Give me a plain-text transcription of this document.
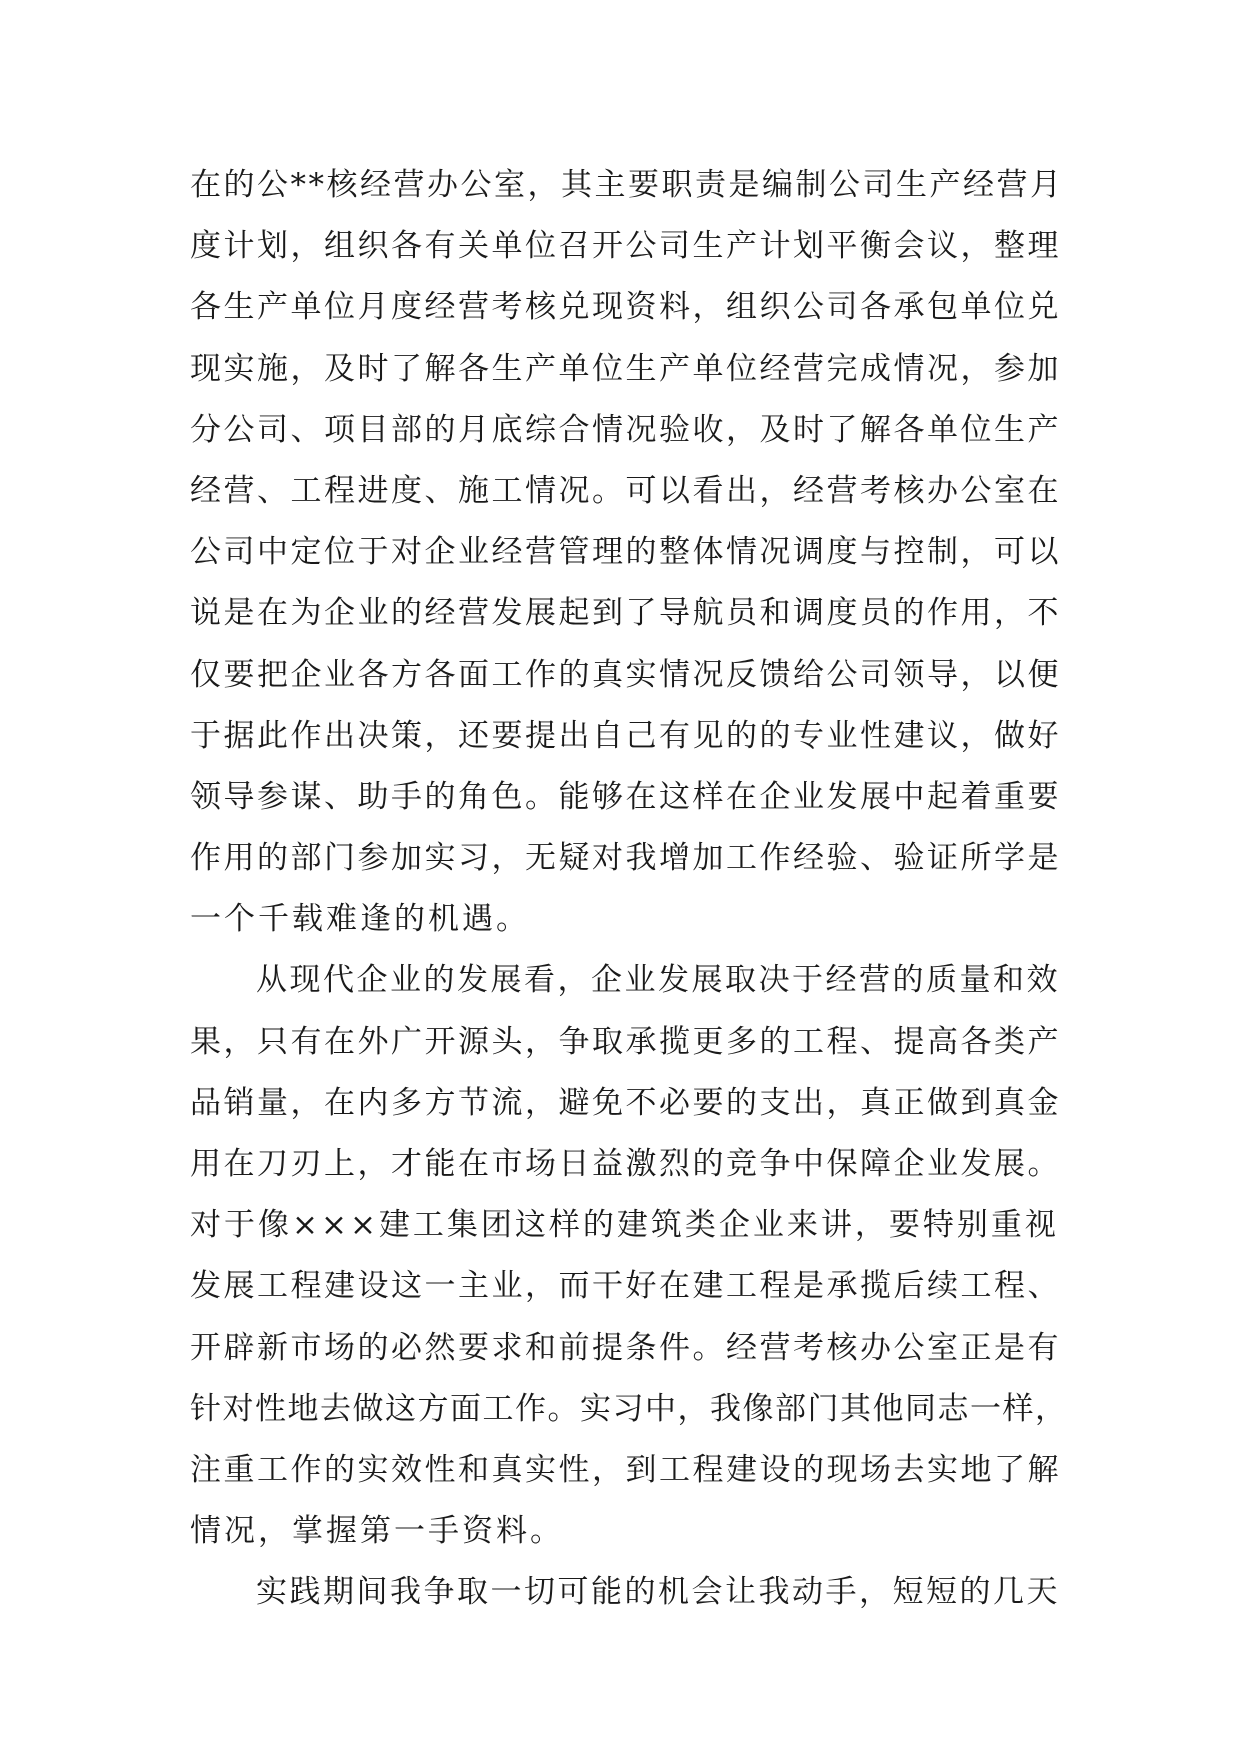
在的公**核经营办公室，其主要职责是编制公司生产经营月
度计划，组织各有关单位召开公司生产计划平衡会议，整理
各生产单位月度经营考核兑现资料，组织公司各承包单位兑
现实施，及时了解各生产单位生产单位经营完成情况，参加
分公司、项目部的月底综合情况验收，及时了解各单位生产
经营、工程进度、施工情况。可以看出，经营考核办公室在
公司中定位于对企业经营管理的整体情况调度与控制，可以
说是在为企业的经营发展起到了导航员和调度员的作用，不
仅要把企业各方各面工作的真实情况反馈给公司领导，以便
于据此作出决策，还要提出自己有见的的专业性建议，做好
领导参谋、助手的角色。能够在这样在企业发展中起着重要
作用的部门参加实习，无疑对我增加工作经验、验证所学是
一个千载难逢的机遇。
从现代企业的发展看，企业发展取决于经营的质量和效
果，只有在外广开源头，争取承揽更多的工程、提高各类产
品销量，在内多方节流，避免不必要的支出，真正做到真金
用在刀刃上，才能在市场日益激烈的竞争中保障企业发展。
对于像×××建工集团这样的建筑类企业来讲，要特别重视
发展工程建设这一主业，而干好在建工程是承揽后续工程、
开辟新市场的必然要求和前提条件。经营考核办公室正是有
针对性地去做这方面工作。实习中，我像部门其他同志一样，
注重工作的实效性和真实性，到工程建设的现场去实地了解
情况，掌握第一手资料。
实践期间我争取一切可能的机会让我动手，短短的几天
